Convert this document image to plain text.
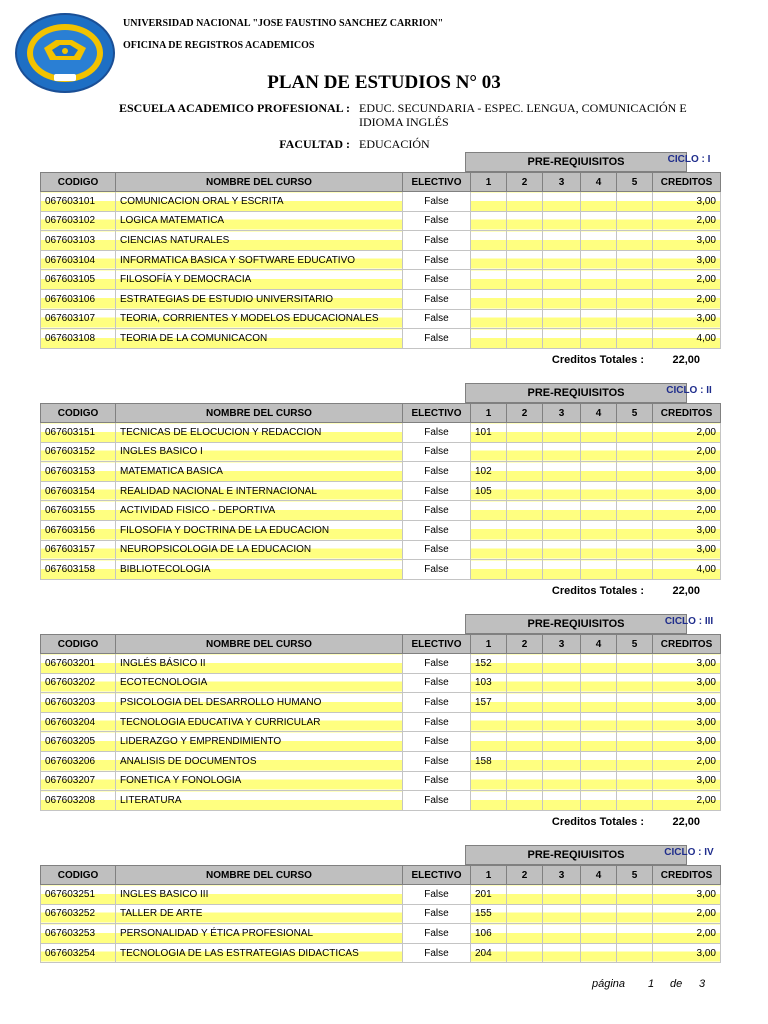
UNIVERSIDAD NACIONAL "JOSE FAUSTINO SANCHEZ CARRION"
OFICINA DE REGISTROS ACADEMICOS
PLAN DE ESTUDIOS N° 03
ESCUELA ACADEMICO PROFESIONAL : EDUC. SECUNDARIA - ESPEC. LENGUA, COMUNICACIÓN E IDIOMA INGLÉS
FACULTAD : EDUCACIÓN
PRE-REQIUISITOS	CICLO : I
CODIGO	NOMBRE DEL CURSO	ELECTIVO	1	2	3	4	5	CREDITOS
067603101	COMUNICACION ORAL Y ESCRITA	False						3,00
067603102	LOGICA MATEMATICA	False						2,00
067603103	CIENCIAS NATURALES	False						3,00
067603104	INFORMATICA BASICA Y SOFTWARE EDUCATIVO	False						3,00
067603105	FILOSOFÍA Y DEMOCRACIA	False						2,00
067603106	ESTRATEGIAS DE ESTUDIO UNIVERSITARIO	False						2,00
067603107	TEORIA, CORRIENTES Y MODELOS EDUCACIONALES	False						3,00
067603108	TEORIA DE LA COMUNICACON	False						4,00
Creditos Totales :	22,00
PRE-REQIUISITOS	CICLO : II
CODIGO	NOMBRE DEL CURSO	ELECTIVO	1	2	3	4	5	CREDITOS
067603151	TECNICAS DE ELOCUCION Y REDACCION	False	101					2,00
067603152	INGLES BASICO I	False						2,00
067603153	MATEMATICA BASICA	False	102					3,00
067603154	REALIDAD NACIONAL E INTERNACIONAL	False	105					3,00
067603155	ACTIVIDAD FISICO - DEPORTIVA	False						2,00
067603156	FILOSOFIA Y DOCTRINA DE LA EDUCACION	False						3,00
067603157	NEUROPSICOLOGIA DE LA EDUCACION	False						3,00
067603158	BIBLIOTECOLOGIA	False						4,00
Creditos Totales :	22,00
PRE-REQIUISITOS	CICLO : III
CODIGO	NOMBRE DEL CURSO	ELECTIVO	1	2	3	4	5	CREDITOS
067603201	INGLÉS BÁSICO II	False	152					3,00
067603202	ECOTECNOLOGIA	False	103					3,00
067603203	PSICOLOGIA DEL DESARROLLO HUMANO	False	157					3,00
067603204	TECNOLOGIA EDUCATIVA Y CURRICULAR	False						3,00
067603205	LIDERAZGO Y EMPRENDIMIENTO	False						3,00
067603206	ANALISIS DE DOCUMENTOS	False	158					2,00
067603207	FONETICA Y FONOLOGIA	False						3,00
067603208	LITERATURA	False						2,00
Creditos Totales :	22,00
PRE-REQIUISITOS	CICLO : IV
CODIGO	NOMBRE DEL CURSO	ELECTIVO	1	2	3	4	5	CREDITOS
067603251	INGLES BASICO III	False	201					3,00
067603252	TALLER DE ARTE	False	155					2,00
067603253	PERSONALIDAD Y ÉTICA PROFESIONAL	False	106					2,00
067603254	TECNOLOGIA DE LAS ESTRATEGIAS DIDACTICAS	False	204					3,00
página 1 de 3
